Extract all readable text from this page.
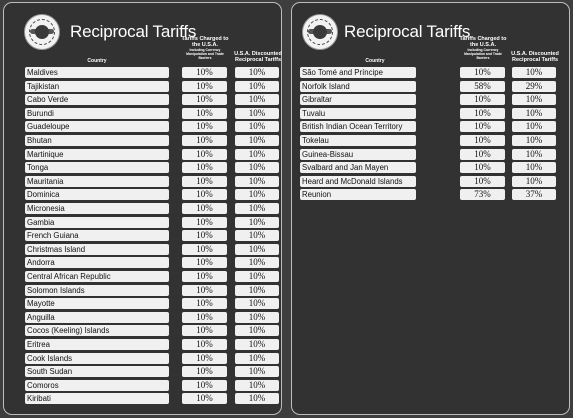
Reciprocal Tariffs
Tariffs Charged to the U.S.A.
Including Currency Manipulation and Trade Barriers
U.S.A. Discounted Reciprocal Tariffs
Country
Maldives	10%	10%
Tajikistan	10%	10%
Cabo Verde	10%	10%
Burundi	10%	10%
Guadeloupe	10%	10%
Bhutan	10%	10%
Martinique	10%	10%
Tonga	10%	10%
Mauritania	10%	10%
Dominica	10%	10%
Micronesia	10%	10%
Gambia	10%	10%
French Guiana	10%	10%
Christmas Island	10%	10%
Andorra	10%	10%
Central African Republic	10%	10%
Solomon Islands	10%	10%
Mayotte	10%	10%
Anguilla	10%	10%
Cocos (Keeling) Islands	10%	10%
Eritrea	10%	10%
Cook Islands	10%	10%
South Sudan	10%	10%
Comoros	10%	10%
Kiribati	10%	10%
Reciprocal Tariffs
Tariffs Charged to the U.S.A.
Including Currency Manipulation and Trade Barriers
U.S.A. Discounted Reciprocal Tariffs
Country
São Tomé and Príncipe	10%	10%
Norfolk Island	58%	29%
Gibraltar	10%	10%
Tuvalu	10%	10%
British Indian Ocean Territory	10%	10%
Tokelau	10%	10%
Guinea-Bissau	10%	10%
Svalbard and Jan Mayen	10%	10%
Heard and McDonald Islands	10%	10%
Reunion	73%	37%
